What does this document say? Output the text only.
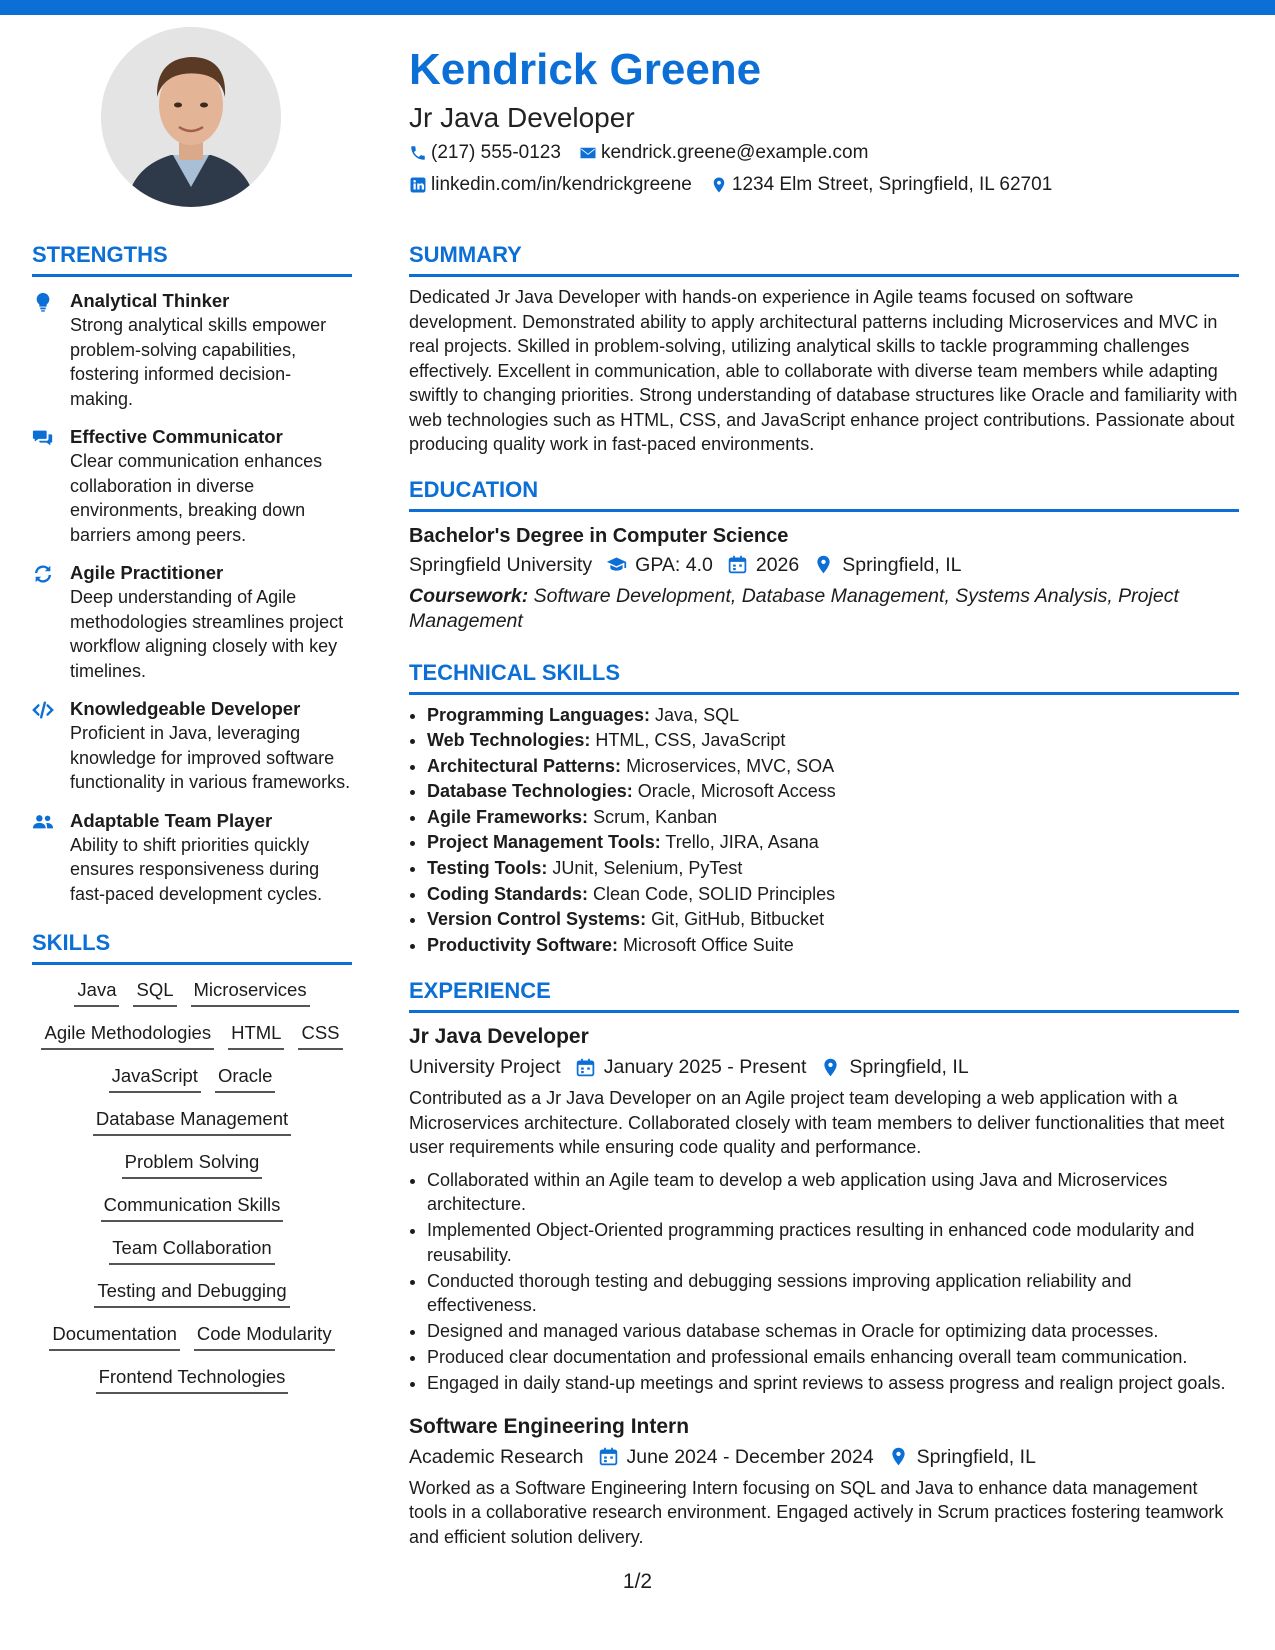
Kendrick Greene

Jr Java Developer

(217) 555-0123 kendrick.greene@example.com
linkedin.com/in/kendrickgreene 1234 Elm Street, Springfield, IL 62701
STRENGTHS
Analytical Thinker
Strong analytical skills empower problem-solving capabilities, fostering informed decision-making.
Effective Communicator
Clear communication enhances collaboration in diverse environments, breaking down barriers among peers.
Agile Practitioner
Deep understanding of Agile methodologies streamlines project workflow aligning closely with key timelines.
Knowledgeable Developer
Proficient in Java, leveraging knowledge for improved software functionality in various frameworks.
Adaptable Team Player
Ability to shift priorities quickly ensures responsiveness during fast-paced development cycles.
SKILLS
Java SQL Microservices
Agile Methodologies HTML CSS
JavaScript Oracle
Database Management
Problem Solving
Communication Skills
Team Collaboration
Testing and Debugging
Documentation Code Modularity
Frontend Technologies
SUMMARY

Dedicated Jr Java Developer with hands-on experience in Agile teams focused on software development. Demonstrated ability to apply architectural patterns including Microservices and MVC in real projects. Skilled in problem-solving, utilizing analytical skills to tackle programming challenges effectively. Excellent in communication, able to collaborate with diverse team members while adapting swiftly to changing priorities. Strong understanding of database structures like Oracle and familiarity with web technologies such as HTML, CSS, and JavaScript enhance project contributions. Passionate about producing quality work in fast-paced environments.

EDUCATION
Bachelor's Degree in Computer Science
Springfield University GPA: 4.0 2026 Springfield, IL
Coursework: Software Development, Database Management, Systems Analysis, Project Management
TECHNICAL SKILLS
• Programming Languages: Java, SQL
• Web Technologies: HTML, CSS, JavaScript
• Architectural Patterns: Microservices, MVC, SOA
• Database Technologies: Oracle, Microsoft Access
• Agile Frameworks: Scrum, Kanban
• Project Management Tools: Trello, JIRA, Asana
• Testing Tools: JUnit, Selenium, PyTest
• Coding Standards: Clean Code, SOLID Principles
• Version Control Systems: Git, GitHub, Bitbucket
• Productivity Software: Microsoft Office Suite
EXPERIENCE
Jr Java Developer
University Project January 2025 - Present Springfield, IL
Contributed as a Jr Java Developer on an Agile project team developing a web application with a Microservices architecture. Collaborated closely with team members to deliver functionalities that meet user requirements while ensuring code quality and performance.
• Collaborated within an Agile team to develop a web application using Java and Microservices architecture.
• Implemented Object-Oriented programming practices resulting in enhanced code modularity and reusability.
• Conducted thorough testing and debugging sessions improving application reliability and effectiveness.
• Designed and managed various database schemas in Oracle for optimizing data processes.
• Produced clear documentation and professional emails enhancing overall team communication.
• Engaged in daily stand-up meetings and sprint reviews to assess progress and realign project goals.
Software Engineering Intern
Academic Research June 2024 - December 2024 Springfield, IL
Worked as a Software Engineering Intern focusing on SQL and Java to enhance data management tools in a collaborative research environment. Engaged actively in Scrum practices fostering teamwork and efficient solution delivery.
1/2
